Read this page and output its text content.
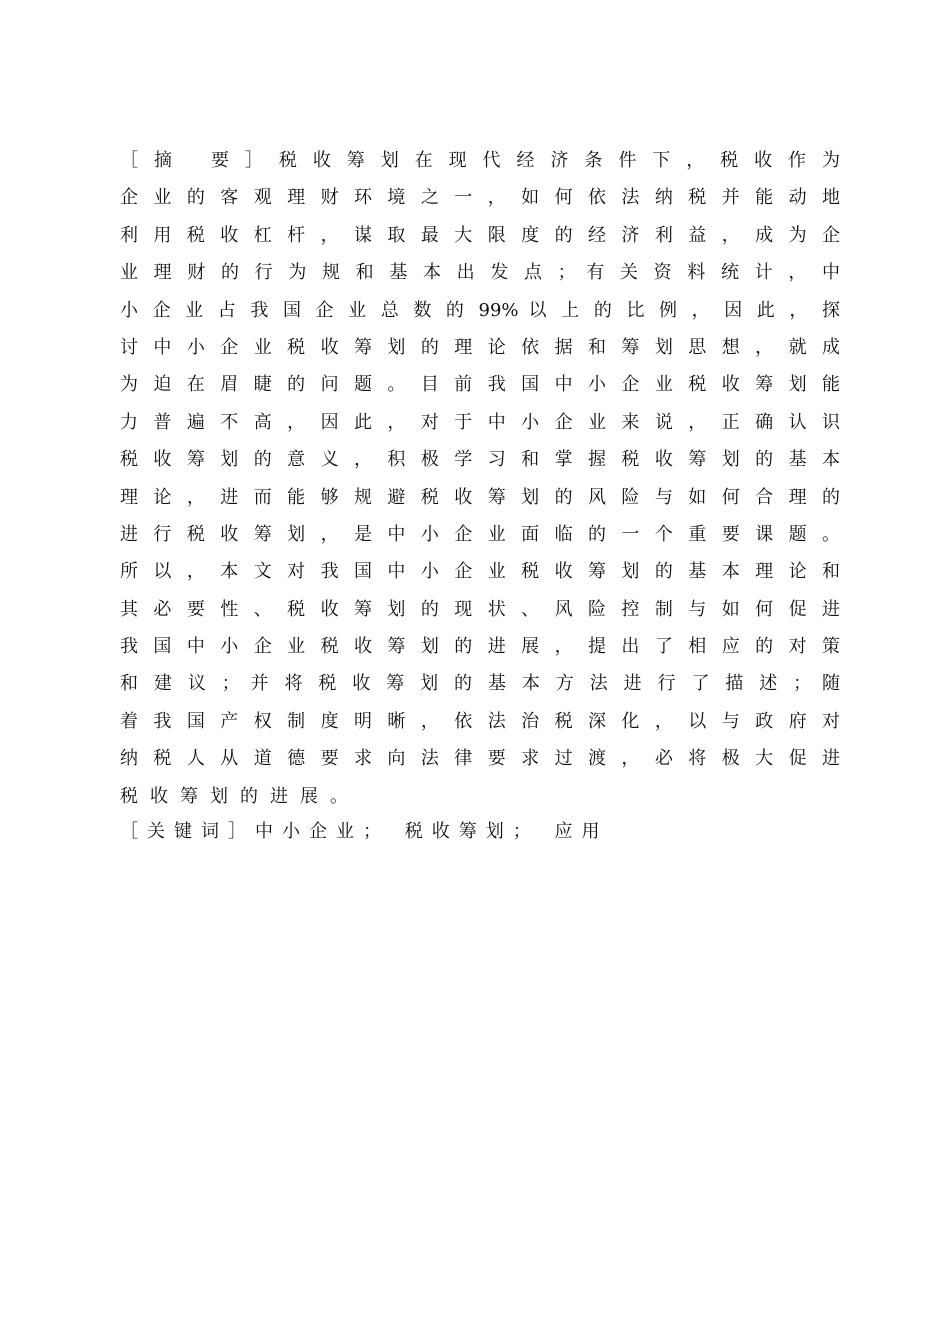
［ 摘 　要 ］ 税 收 筹 划 在 现 代 经 济 条 件 下 ， 税 收 作 为
企 业 的 客 观 理 财 环 境 之 一 ， 如 何 依 法 纳 税 并 能 动 地
利 用 税 收 杠 杆 ， 谋 取 最 大 限 度 的 经 济 利 益 ， 成 为 企
业 理 财 的 行 为 规 和 基 本 出 发 点 ； 有 关 资 料 统 计 ， 中
小 企 业 占 我 国 企 业 总 数 的 99% 以 上 的 比 例 ， 因 此 ， 探
讨 中 小 企 业 税 收 筹 划 的 理 论 依 据 和 筹 划 思 想 ， 就 成
为 迫 在 眉 睫 的 问 题 。 目 前 我 国 中 小 企 业 税 收 筹 划 能
力 普 遍 不 高 ， 因 此 ， 对 于 中 小 企 业 来 说 ， 正 确 认 识
税 收 筹 划 的 意 义 ， 积 极 学 习 和 掌 握 税 收 筹 划 的 基 本
理 论 ， 进 而 能 够 规 避 税 收 筹 划 的 风 险 与 如 何 合 理 的
进 行 税 收 筹 划 ， 是 中 小 企 业 面 临 的 一 个 重 要 课 题 。
所 以 ， 本 文 对 我 国 中 小 企 业 税 收 筹 划 的 基 本 理 论 和
其 必 要 性 、 税 收 筹 划 的 现 状 、 风 险 控 制 与 如 何 促 进
我 国 中 小 企 业 税 收 筹 划 的 进 展 ， 提 出 了 相 应 的 对 策
和 建 议 ； 并 将 税 收 筹 划 的 基 本 方 法 进 行 了 描 述 ； 随
着 我 国 产 权 制 度 明 晰 ， 依 法 治 税 深 化 ， 以 与 政 府 对
纳 税 人 从 道 德 要 求 向 法 律 要 求 过 渡 ， 必 将 极 大 促 进
税收筹划的进展。
［关键词］中小企业； 税收筹划； 应用
